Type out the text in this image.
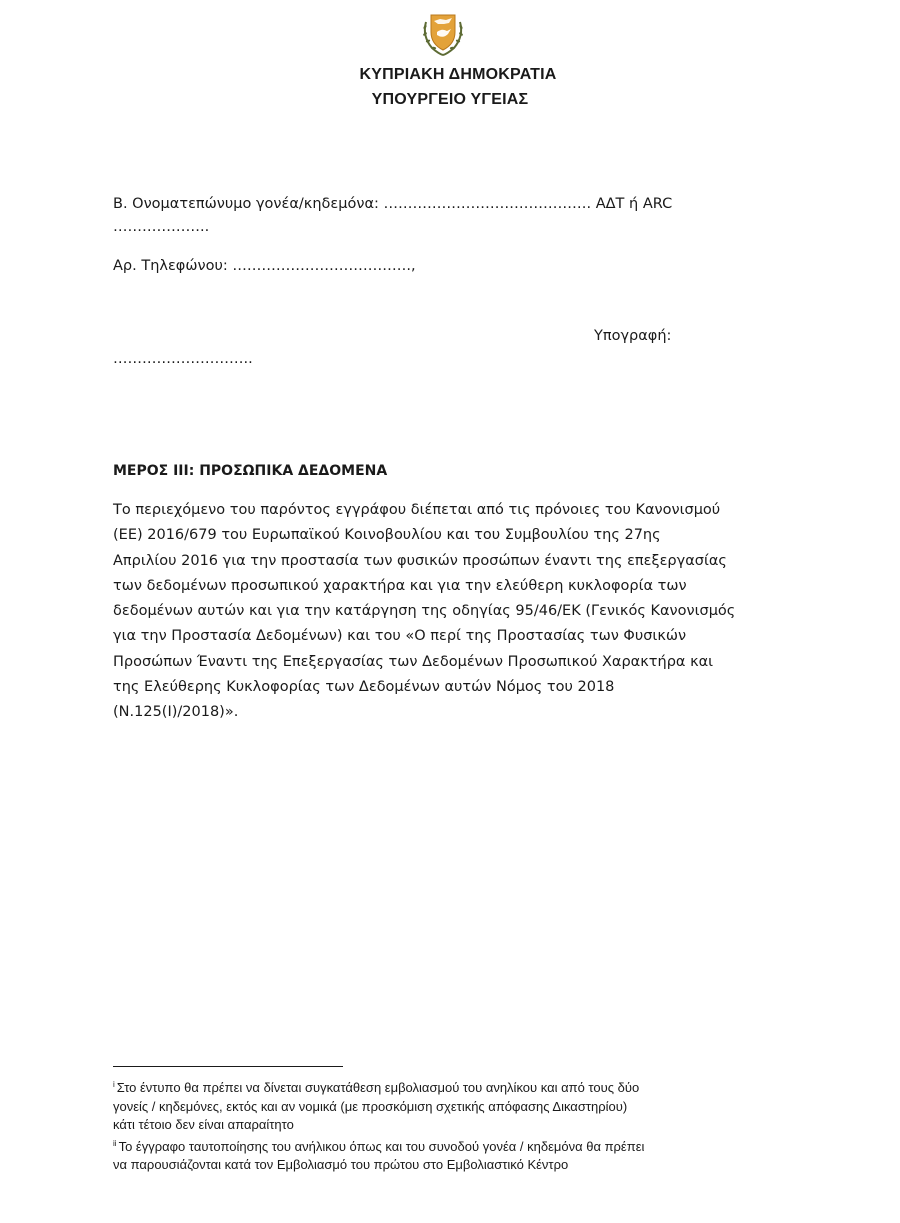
ΚΥΠΡΙΑΚΗ ΔΗΜΟΚΡΑΤΙΑ
ΥΠΟΥΡΓΕΙΟ ΥΓΕΙΑΣ
Β. Ονοματεπώνυμο γονέα/κηδεμόνα: ……………………………………. ΑΔΤ ή ARC
………………..
Αρ. Τηλεφώνου: ……………………………….,
Υπογραφή:
………………………..
ΜΕΡΟΣ ΙΙΙ: ΠΡΟΣΩΠΙΚΑ ΔΕΔΟΜΕΝΑ

Το περιεχόμενο του παρόντος εγγράφου διέπεται από τις πρόνοιες του Κανονισμού

(ΕΕ) 2016/679 του Ευρωπαϊκού Κοινοβουλίου και του Συμβουλίου της 27ης

Απριλίου 2016 για την προστασία των φυσικών προσώπων έναντι της επεξεργασίας

των δεδομένων προσωπικού χαρακτήρα και για την ελεύθερη κυκλοφορία των

δεδομένων αυτών και για την κατάργηση της οδηγίας 95/46/ΕΚ (Γενικός Κανονισμός

για την Προστασία Δεδομένων) και του «Ο περί της Προστασίας των Φυσικών

Προσώπων Έναντι της Επεξεργασίας των Δεδομένων Προσωπικού Χαρακτήρα και

της Ελεύθερης Κυκλοφορίας των Δεδομένων αυτών Νόμος του 2018

(Ν.125(Ι)/2018)».

$^i$ Στο έντυπο θα πρέπει να δίνεται συγκατάθεση εμβολιασμού του ανηλίκου και από τους δύο

γονείς / κηδεμόνες, εκτός και αν νομικά (με προσκόμιση σχετικής απόφασης Δικαστηρίου)

κάτι τέτοιο δεν είναι απαραίτητο

$^{ii}$ Το έγγραφο ταυτοποίησης του ανήλικου όπως και του συνοδού γονέα / κηδεμόνα θα πρέπει

να παρουσιάζονται κατά τον Εμβολιασμό του πρώτου στο Εμβολιαστικό Κέντρο
